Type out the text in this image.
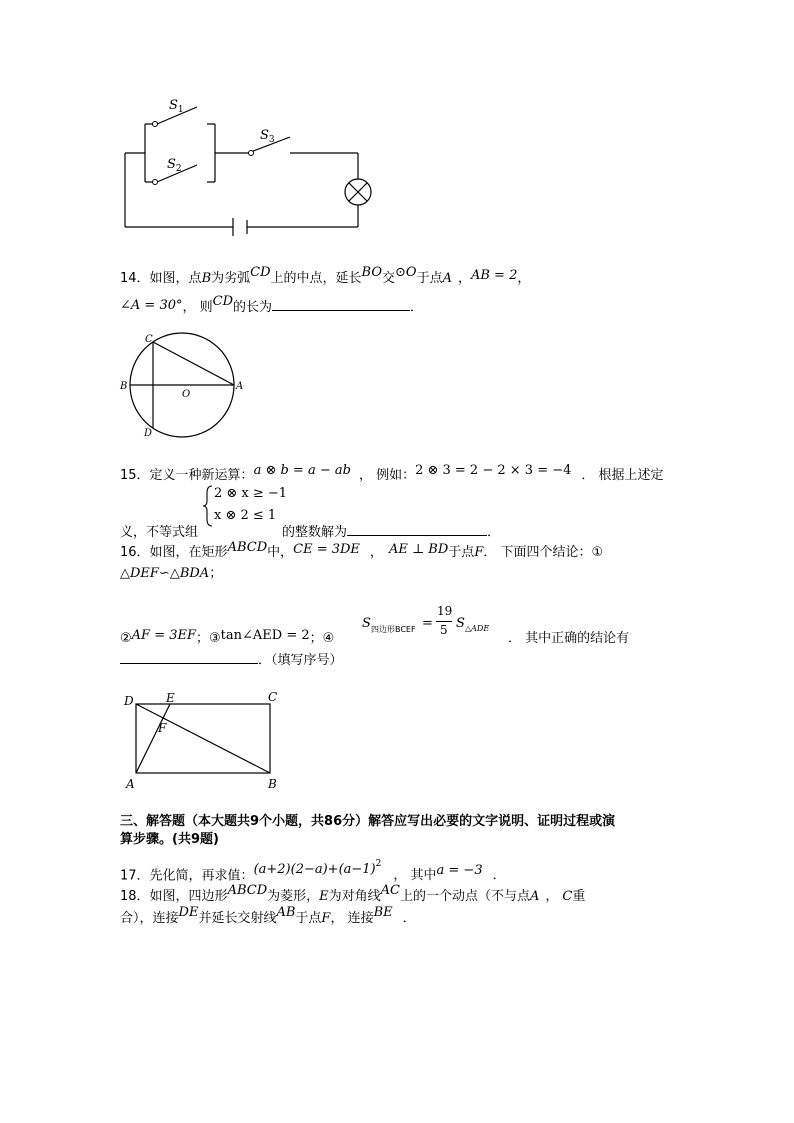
$S_1$
$S_2$
$S_3$
14．如图，点B为劣弧CD上的中点，延长BO交⊙O于点A ，AB = 2，
∠A = 30°， 则CD的长为	．
C
B
O
A
D
15．定义一种新运算：a ⊗ b = a − ab ， 例如：2 ⊗ 3 = 2 − 2 × 3 = −4 ． 根据上述定
2 ⊗ x ≥ −1
x ⊗ 2 ≤ 1
义，不等式组	的整数解为	．
16．如图，在矩形ABCD中，CE = 3DE ， AE ⊥ BD于点F． 下面四个结论：①
△DEF∽△BDA；
②AF = 3EF；③tan∠AED = 2；④
S 四边形BCEF =
19
5 S △ADE
． 其中正确的结论有
．（填写序号）
D	E	C
F
A	B
三、解答题（本大题共9个小题，共86分）解答应写出必要的文字说明、证明过程或演
算步骤。(共9题)
17．先化简，再求值：$(a+2)(2-a)+(a-1)^2$， 其中a = −3 ．
18．如图，四边形ABCD为菱形，E为对角线AC上的一个动点（不与点A ， C重
合），连接DE并延长交射线AB于点F， 连接BE ．
